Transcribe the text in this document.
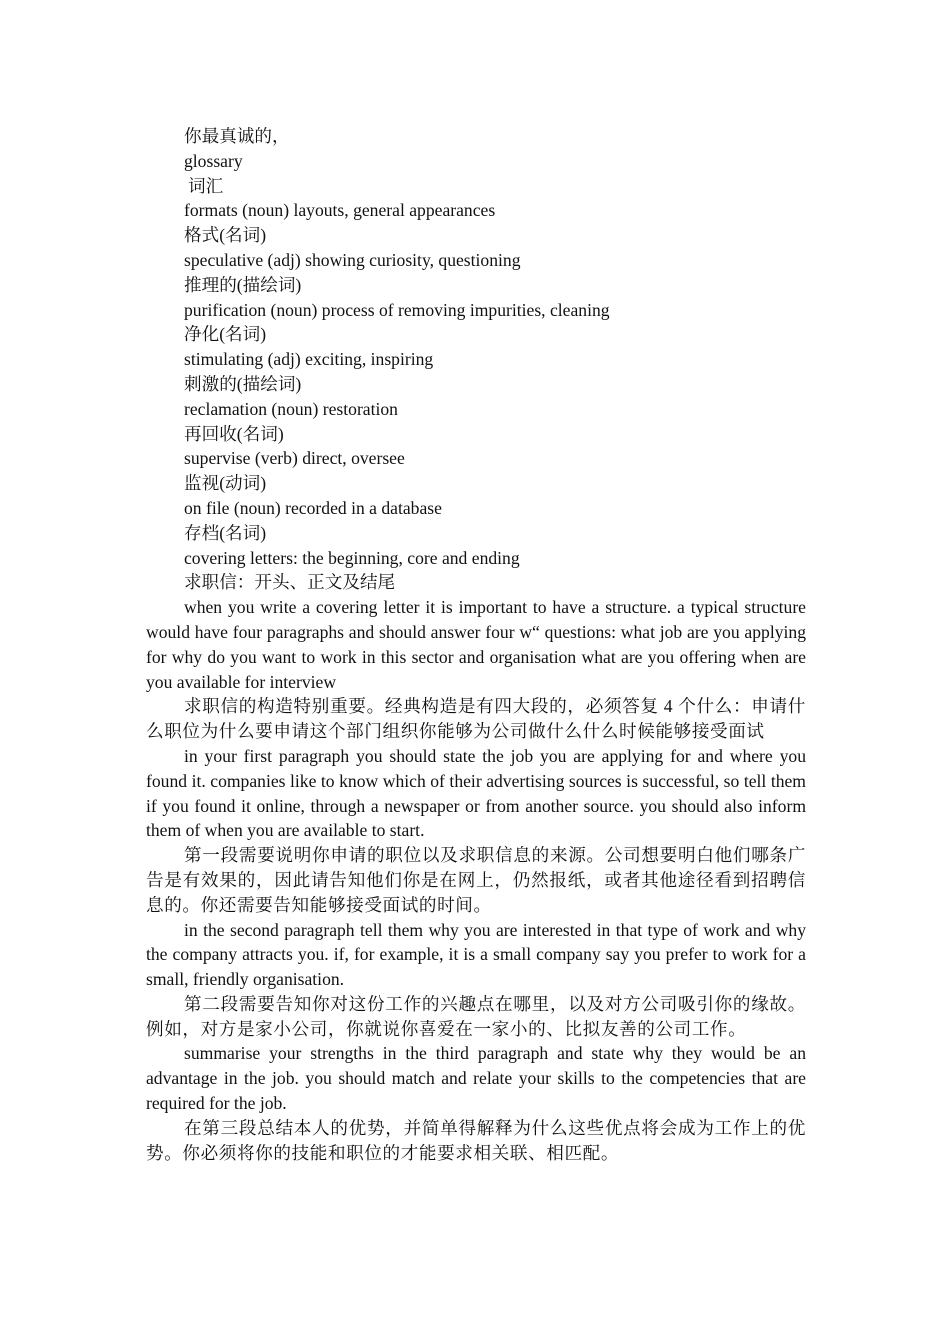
你最真诚的，

glossary

词汇

formats (noun) layouts, general appearances

格式(名词)

speculative (adj) showing curiosity, questioning

推理的(描绘词)

purification (noun) process of removing impurities, cleaning

净化(名词)

stimulating (adj) exciting, inspiring

刺激的(描绘词)

reclamation (noun) restoration

再回收(名词)

supervise (verb) direct, oversee

监视(动词)

on file (noun) recorded in a database

存档(名词)

covering letters: the beginning, core and ending

求职信：开头、正文及结尾

when you write a covering letter it is important to have a structure. a typical structure would have four paragraphs and should answer four w“ questions: what job are you applying for why do you want to work in this sector and organisation what are you offering when are you available for interview

求职信的构造特别重要。经典构造是有四大段的，必须答复 4 个什么：申请什么职位为什么要申请这个部门组织你能够为公司做什么什么时候能够接受面试

in your first paragraph you should state the job you are applying for and where you found it. companies like to know which of their advertising sources is successful, so tell them if you found it online, through a newspaper or from another source. you should also inform them of when you are available to start.

第一段需要说明你申请的职位以及求职信息的来源。公司想要明白他们哪条广告是有效果的，因此请告知他们你是在网上，仍然报纸，或者其他途径看到招聘信息的。你还需要告知能够接受面试的时间。

in the second paragraph tell them why you are interested in that type of work and why the company attracts you. if, for example, it is a small company say you prefer to work for a small, friendly organisation.

第二段需要告知你对这份工作的兴趣点在哪里，以及对方公司吸引你的缘故。例如，对方是家小公司，你就说你喜爱在一家小的、比拟友善的公司工作。

summarise your strengths in the third paragraph and state why they would be an advantage in the job. you should match and relate your skills to the competencies that are required for the job.

在第三段总结本人的优势，并简单得解释为什么这些优点将会成为工作上的优势。你必须将你的技能和职位的才能要求相关联、相匹配。
